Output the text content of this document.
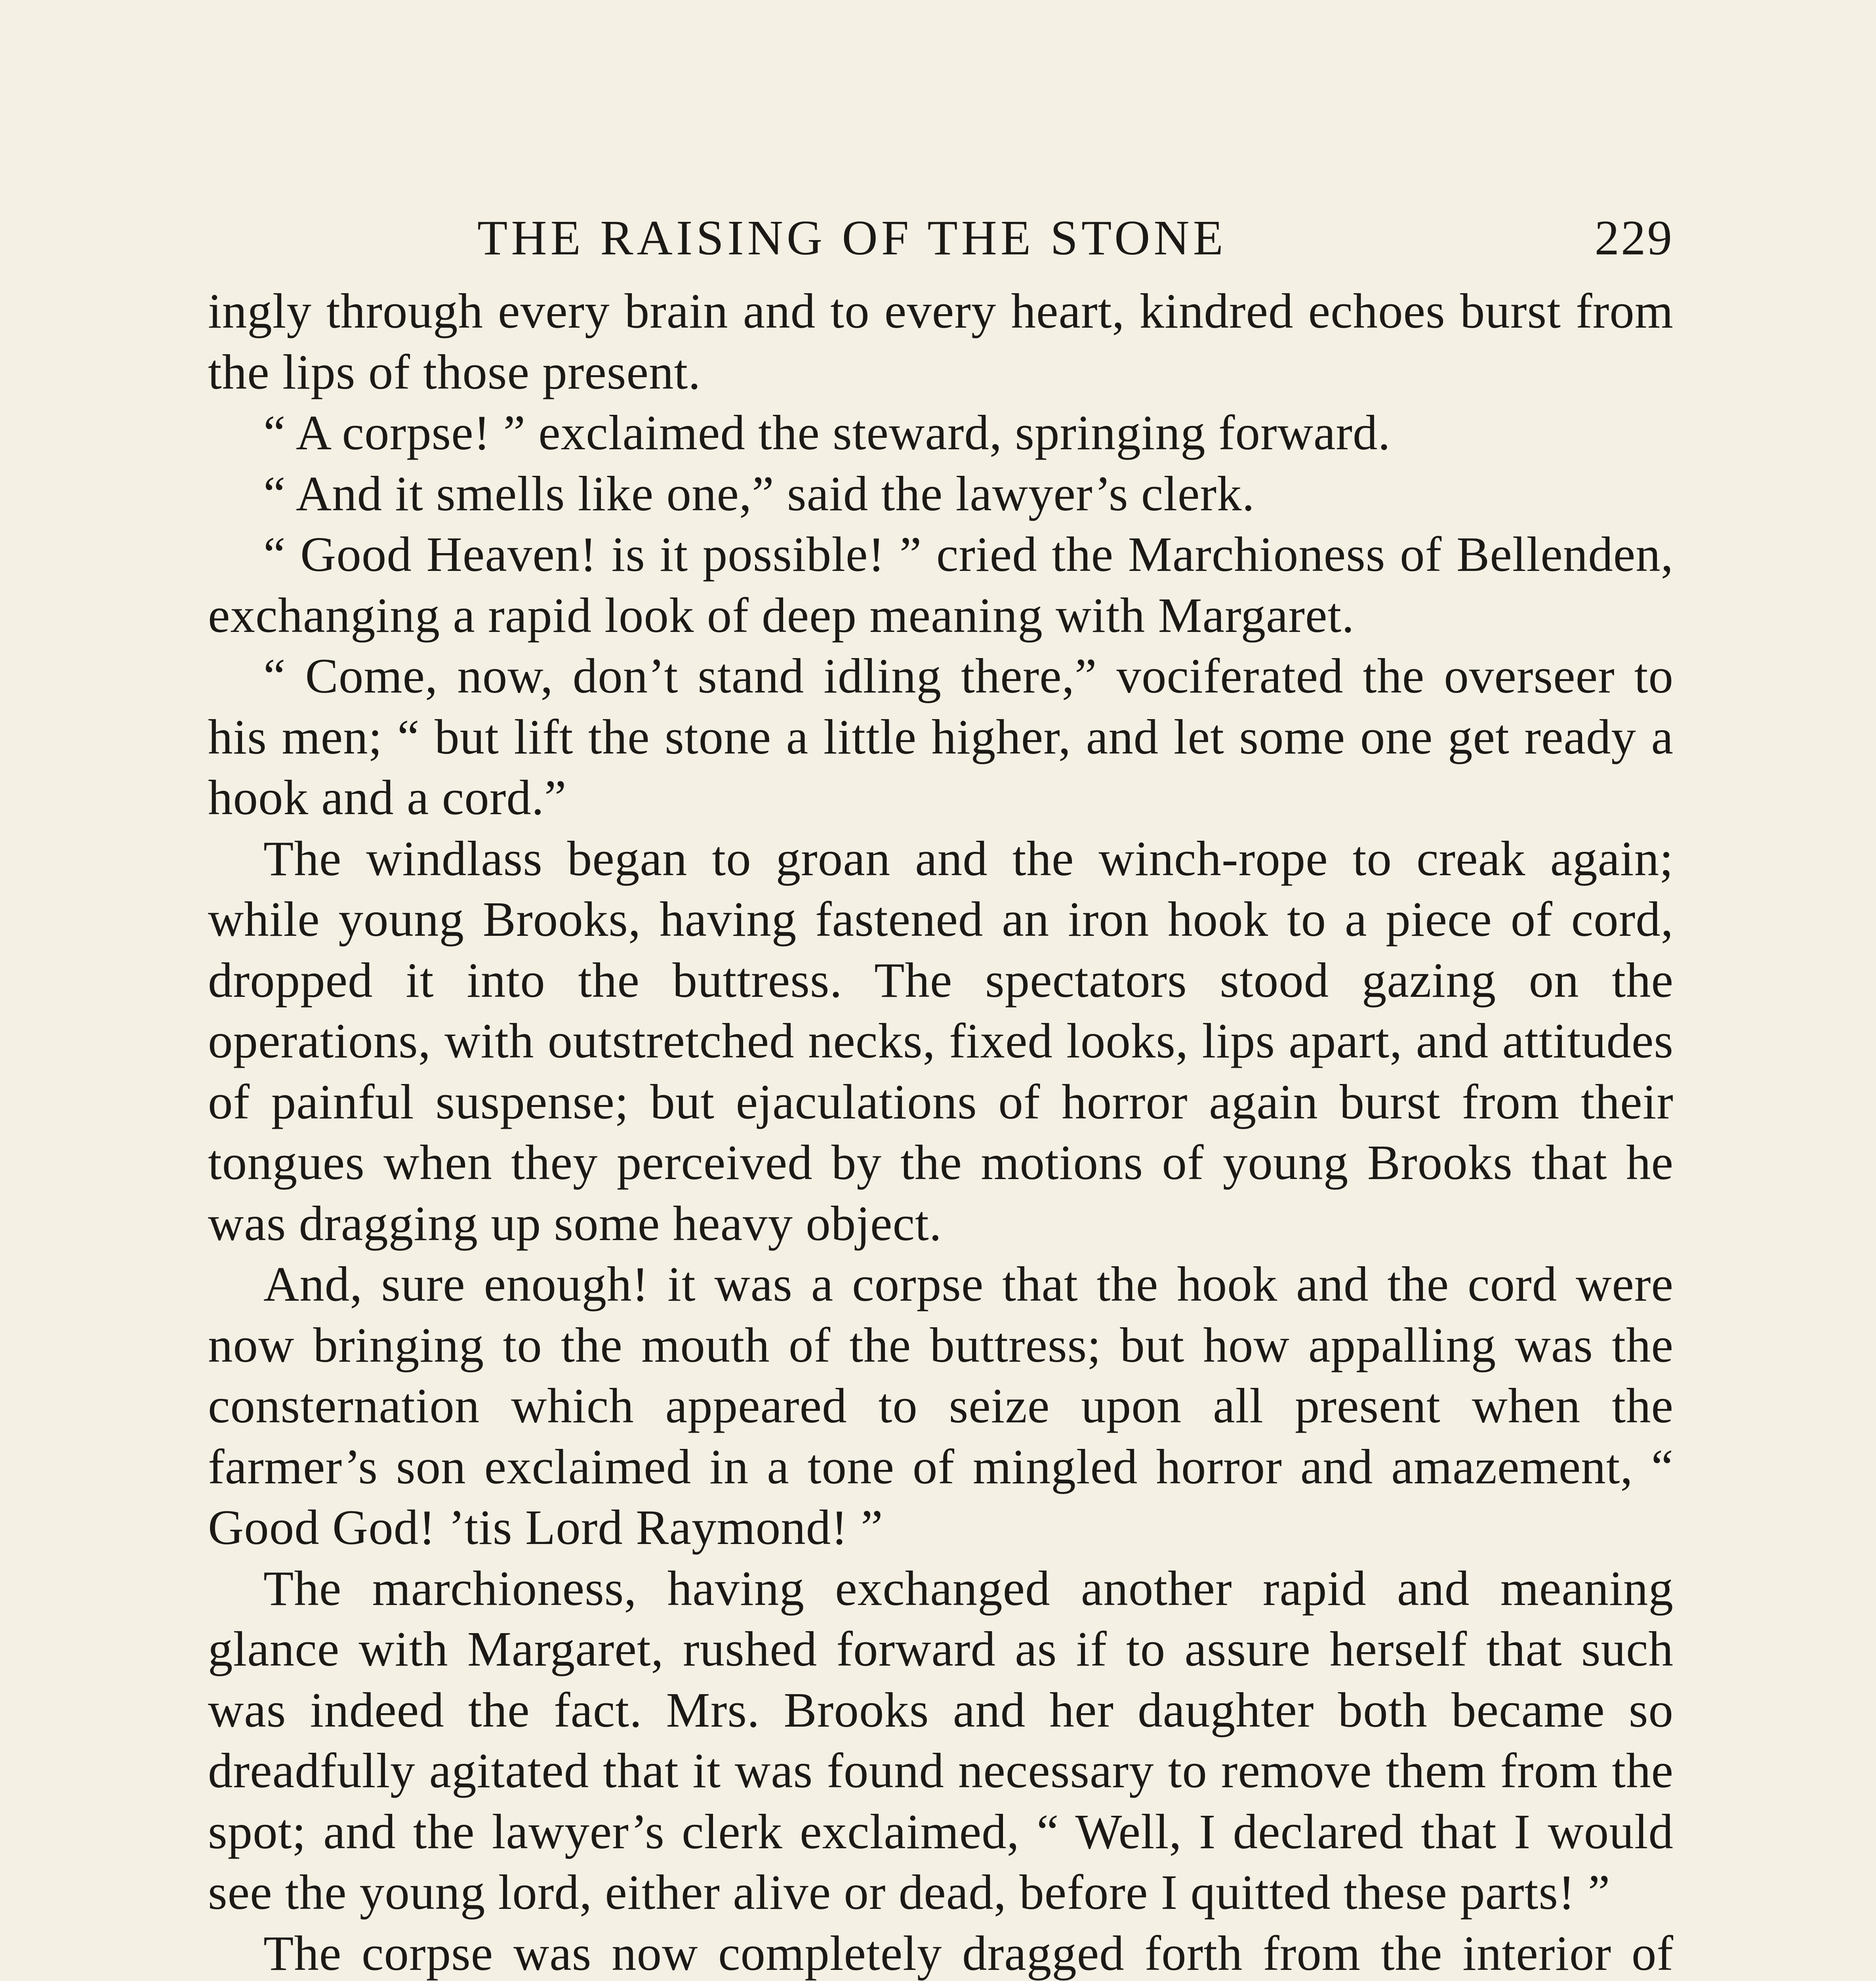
THE RAISING OF THE STONE	229

ingly through every brain and to every heart, kindred echoes burst from the lips of those present.

“ A corpse! ” exclaimed the steward, springing forward.

“ And it smells like one,” said the lawyer’s clerk.

“ Good Heaven! is it possible! ” cried the Marchioness of Bellenden, exchanging a rapid look of deep meaning with Margaret.

“ Come, now, don’t stand idling there,” vociferated the overseer to his men; “ but lift the stone a little higher, and let some one get ready a hook and a cord.”

The windlass began to groan and the winch-rope to creak again; while young Brooks, having fastened an iron hook to a piece of cord, dropped it into the buttress. The spectators stood gazing on the operations, with outstretched necks, fixed looks, lips apart, and attitudes of painful suspense; but ejaculations of horror again burst from their tongues when they perceived by the motions of young Brooks that he was dragging up some heavy object.

And, sure enough! it was a corpse that the hook and the cord were now bringing to the mouth of the buttress; but how appalling was the consternation which appeared to seize upon all present when the farmer’s son exclaimed in a tone of mingled horror and amazement, “ Good God! ’tis Lord Raymond! ”

The marchioness, having exchanged another rapid and meaning glance with Margaret, rushed forward as if to assure herself that such was indeed the fact. Mrs. Brooks and her daughter both became so dreadfully agitated that it was found necessary to remove them from the spot; and the lawyer’s clerk exclaimed, “ Well, I declared that I would see the young lord, either alive or dead, before I quitted these parts! ”

The corpse was now completely dragged forth from the interior of
